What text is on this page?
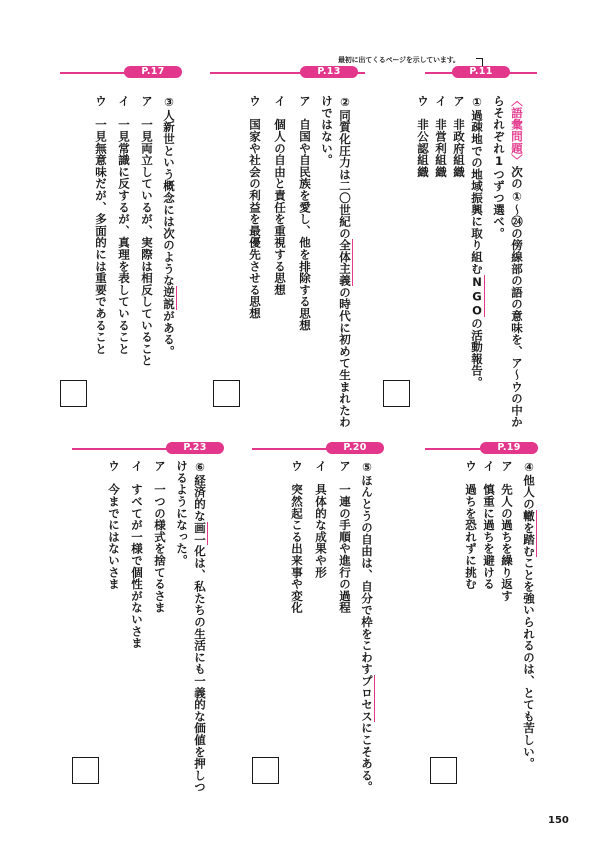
最初に出てくるページを示しています。
P.11
〈語彙問題〉次の①～㉔の傍線部の語の意味を、ア～ウの中か
らそれぞれ1つずつ選べ。
①過疎地での地域振興に取り組むNGOの活動報告。
ア　非政府組織
イ　非営利組織
ウ　非公認組織
P.13
②同質化圧力は二〇世紀の全体主義の時代に初めて生まれたわ
けではない。
ア　自国や自民族を愛し、他を排除する思想
イ　個人の自由と責任を重視する思想
ウ　国家や社会の利益を最優先させる思想
P.17
③人新世という概念には次のような逆説がある。
ア　一見両立しているが、実際は相反していること
イ　一見常識に反するが、真理を表していること
ウ　一見無意味だが、多面的には重要であること
P.19
④他人の轍を踏むことを強いられるのは、とても苦しい。
ア　先人の過ちを繰り返す
イ　慎重に過ちを避ける
ウ　過ちを恐れずに挑む
P.20
⑤ほんとうの自由は、自分で枠をこわすプロセスにこそある。
ア　一連の手順や進行の過程
イ　具体的な成果や形
ウ　突然起こる出来事や変化
P.23
⑥経済的な画一化は、私たちの生活にも一義的な価値を押しつ
けるようになった。
ア　一つの様式を捨てるさま
イ　すべてが一様で個性がないさま
ウ　今までにはないさま
150
